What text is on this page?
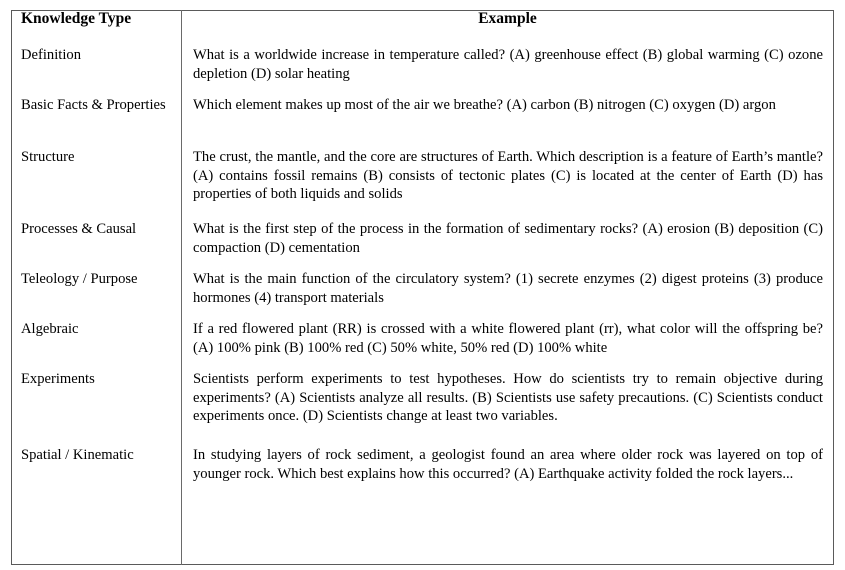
Knowledge Type	Example
Definition	What is a worldwide increase in temperature called? (A) greenhouse effect (B) global warming (C) ozone depletion (D) solar heating
Basic Facts & Properties	Which element makes up most of the air we breathe? (A) carbon (B) nitrogen (C) oxygen (D) argon
Structure	The crust, the mantle, and the core are structures of Earth. Which description is a feature of Earth’s mantle? (A) contains fossil remains (B) consists of tectonic plates (C) is located at the center of Earth (D) has properties of both liquids and solids
Processes & Causal	What is the first step of the process in the formation of sedimentary rocks? (A) erosion (B) deposition (C) compaction (D) cementation
Teleology / Purpose	What is the main function of the circulatory system? (1) secrete enzymes (2) digest proteins (3) produce hormones (4) transport materials
Algebraic	If a red flowered plant (RR) is crossed with a white flowered plant (rr), what color will the offspring be? (A) 100% pink (B) 100% red (C) 50% white, 50% red (D) 100% white
Experiments	Scientists perform experiments to test hypotheses. How do scientists try to remain objective during experiments? (A) Scientists analyze all results. (B) Scientists use safety precautions. (C) Scientists conduct experiments once. (D) Scientists change at least two variables.
Spatial / Kinematic	In studying layers of rock sediment, a geologist found an area where older rock was layered on top of younger rock. Which best explains how this occurred? (A) Earthquake activity folded the rock layers...
